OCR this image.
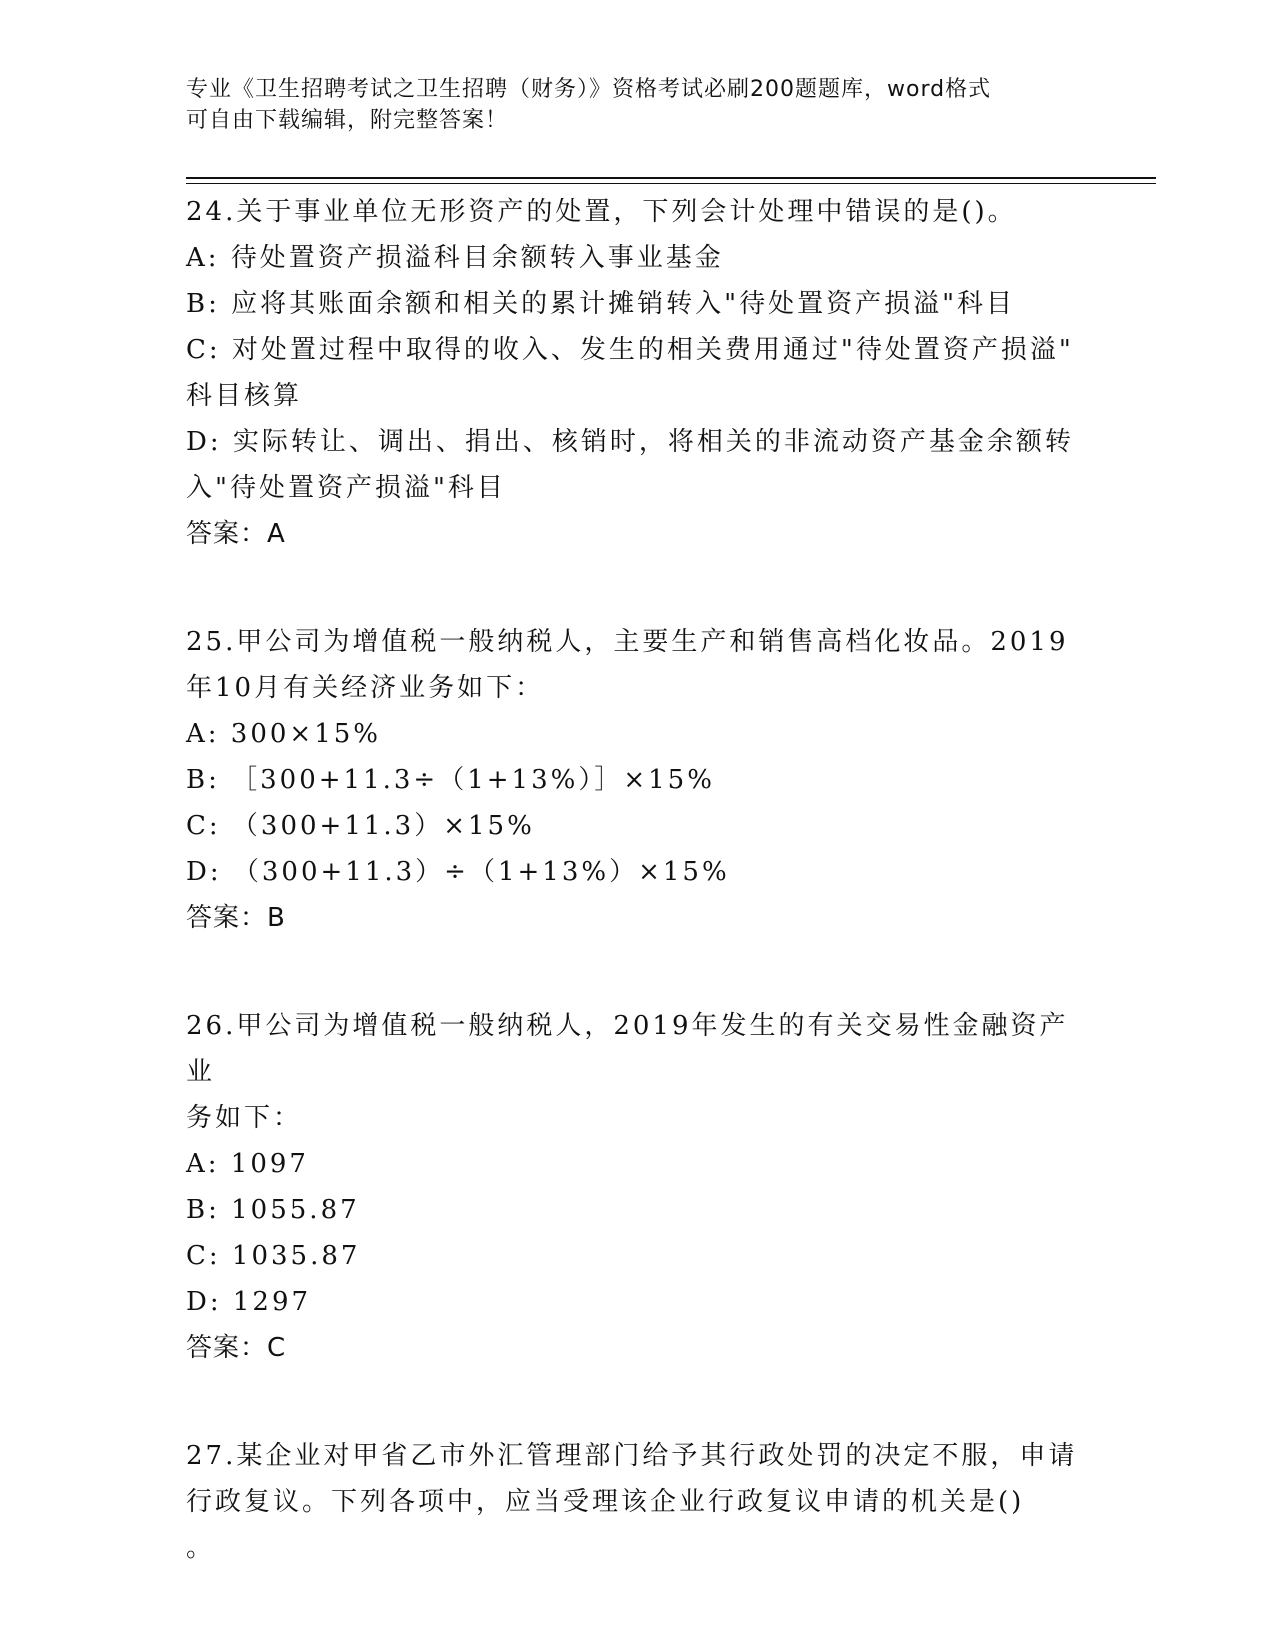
专业《卫生招聘考试之卫生招聘（财务）》资格考试必刷200题题库，word格式
可自由下载编辑，附完整答案！

24.关于事业单位无形资产的处置，下列会计处理中错误的是()。

A: 待处置资产损溢科目余额转入事业基金

B: 应将其账面余额和相关的累计摊销转入"待处置资产损溢"科目

C: 对处置过程中取得的收入、发生的相关费用通过"待处置资产损溢"

科目核算

D: 实际转让、调出、捐出、核销时，将相关的非流动资产基金余额转

入"待处置资产损溢"科目

答案：A

25.甲公司为增值税一般纳税人，主要生产和销售高档化妆品。2019

年10月有关经济业务如下：

A: 300×15%

B: ［300+11.3÷（1+13%）］×15%

C: （300+11.3）×15%

D: （300+11.3）÷（1+13%）×15%

答案：B

26.甲公司为增值税一般纳税人，2019年发生的有关交易性金融资产业

务如下：

A: 1097

B: 1055.87

C: 1035.87

D: 1297

答案：C

27.某企业对甲省乙市外汇管理部门给予其行政处罚的决定不服，申请

行政复议。下列各项中，应当受理该企业行政复议申请的机关是()

。
